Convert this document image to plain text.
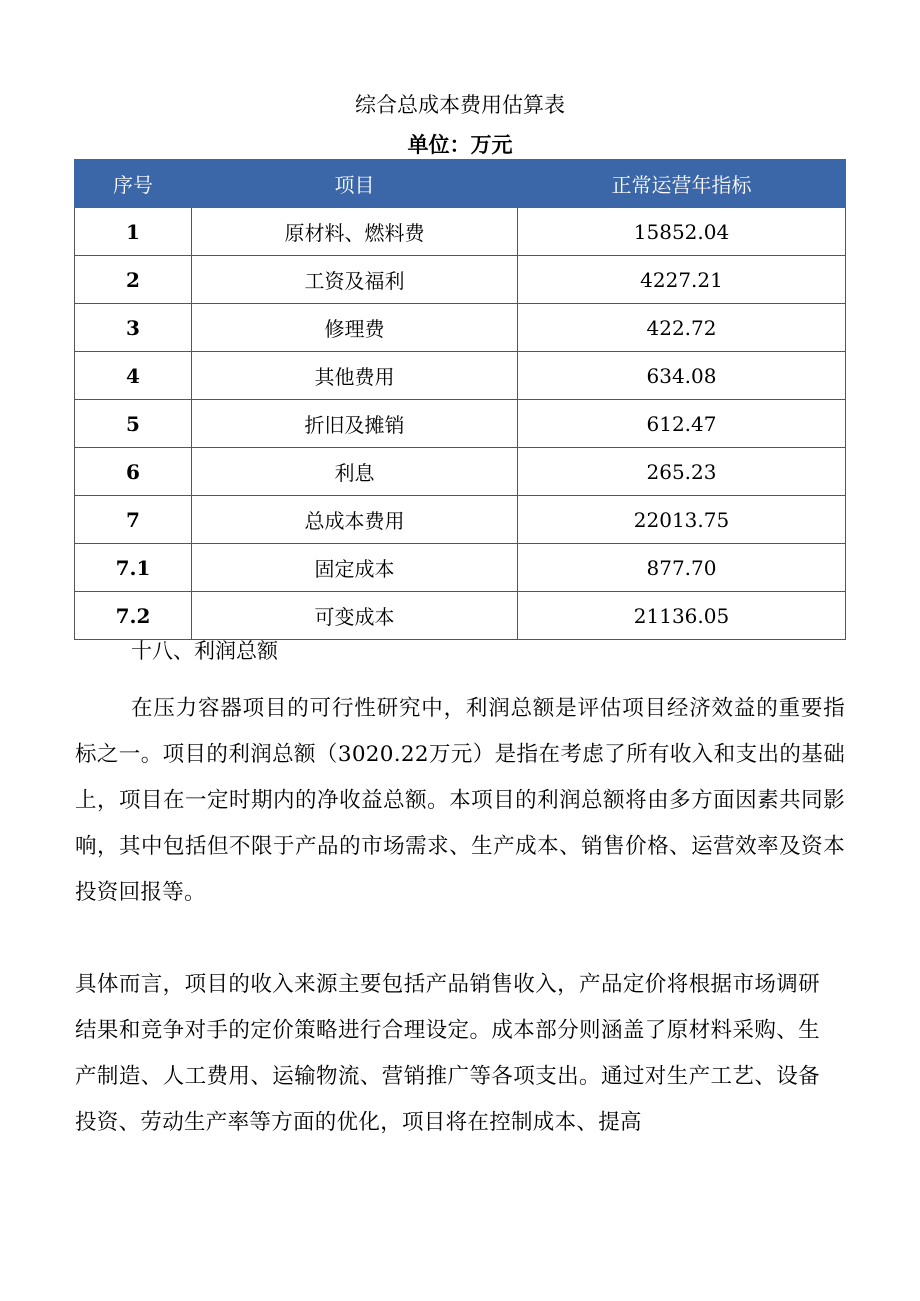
综合总成本费用估算表
单位：万元
序号	项目	正常运营年指标
1	原材料、燃料费	15852.04
2	工资及福利	4227.21
3	修理费	422.72
4	其他费用	634.08
5	折旧及摊销	612.47
6	利息	265.23
7	总成本费用	22013.75
7.1	固定成本	877.70
7.2	可变成本	21136.05
十八、利润总额

在压力容器项目的可行性研究中，利润总额是评估项目经济效益的重要指标之一。项目的利润总额（3020.22万元）是指在考虑了所有收入和支出的基础上，项目在一定时期内的净收益总额。本项目的利润总额将由多方面因素共同影响，其中包括但不限于产品的市场需求、生产成本、销售价格、运营效率及资本投资回报等。

具体而言，项目的收入来源主要包括产品销售收入，产品定价将根据市场调研结果和竞争对手的定价策略进行合理设定。成本部分则涵盖了原材料采购、生产制造、人工费用、运输物流、营销推广等各项支出。通过对生产工艺、设备投资、劳动生产率等方面的优化，项目将在控制成本、提高
